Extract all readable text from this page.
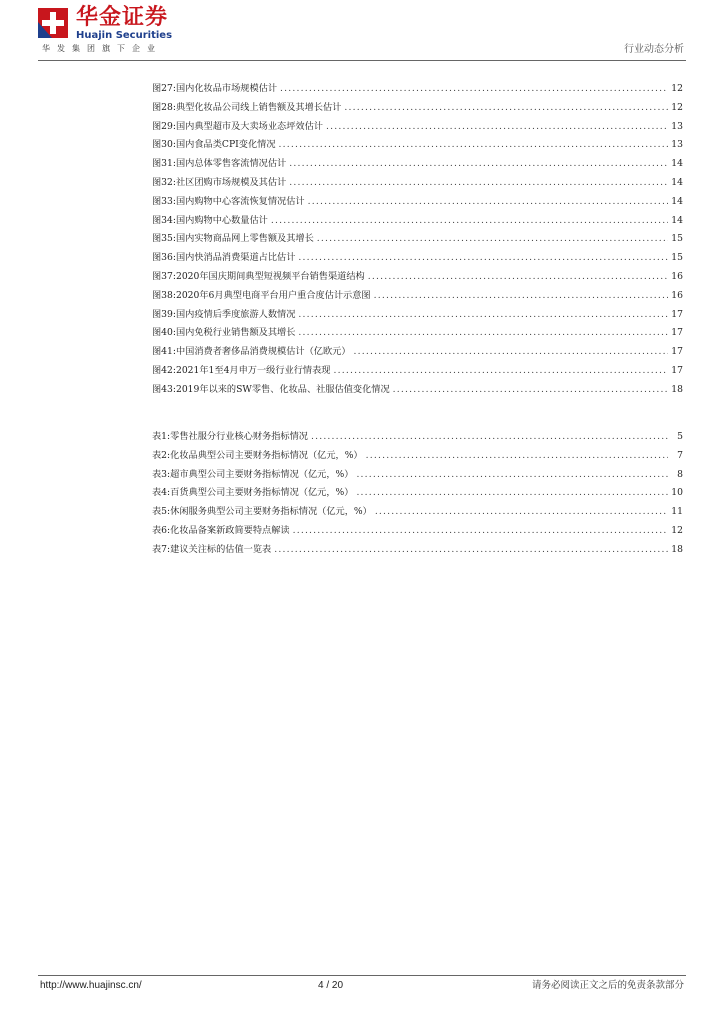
华金证券
Huajin Securities
华发集团旗下企业	行业动态分析
图27: 国内化妆品市场规模估计 .....	12
图28: 典型化妆品公司线上销售额及其增长估计 .....	12
图29: 国内典型超市及大卖场业态坪效估计 .....	13
图30: 国内食品类CPI变化情况 .....	13
图31: 国内总体零售客流情况估计 .....	14
图32: 社区团购市场规模及其估计 .....	14
图33: 国内购物中心客流恢复情况估计 .....	14
图34: 国内购物中心数量估计 .....	14
图35: 国内实物商品网上零售额及其增长 .....	15
图36: 国内快消品消费渠道占比估计 .....	15
图37: 2020年国庆期间典型短视频平台销售渠道结构 .....	16
图38: 2020年6月典型电商平台用户重合度估计示意图 .....	16
图39: 国内疫情后季度旅游人数情况 .....	17
图40: 国内免税行业销售额及其增长 .....	17
图41: 中国消费者奢侈品消费规模估计（亿欧元） .....	17
图42: 2021年1至4月申万一级行业行情表现 .....	17
图43: 2019年以来的SW零售、化妆品、社服估值变化情况 .....	18
表1: 零售社服分行业核心财务指标情况 .....	5
表2: 化妆品典型公司主要财务指标情况（亿元，%） .....	7
表3: 超市典型公司主要财务指标情况（亿元，%） .....	8
表4: 百货典型公司主要财务指标情况（亿元，%） .....	10
表5: 休闲服务典型公司主要财务指标情况（亿元，%） .....	11
表6: 化妆品备案新政简要特点解读 .....	12
表7: 建议关注标的估值一览表 .....	18
http://www.huajinsc.cn/	4 / 20	请务必阅读正文之后的免责条款部分
